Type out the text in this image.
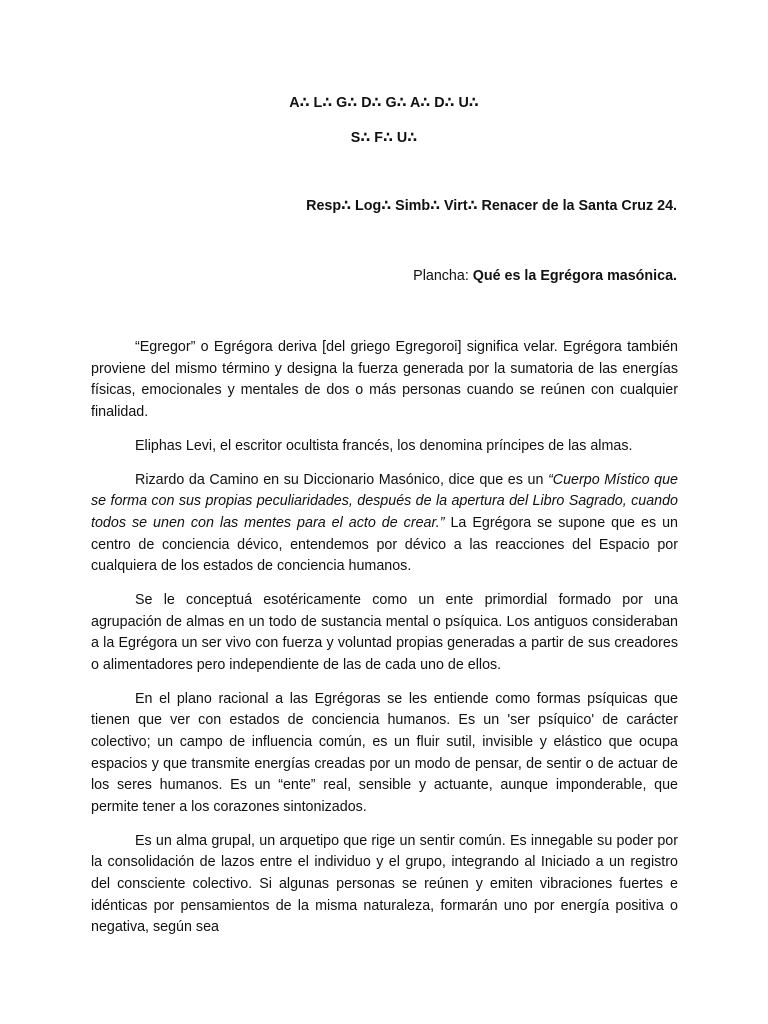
A∴ L∴ G∴ D∴ G∴ A∴ D∴ U∴
S∴ F∴ U∴
Resp∴ Log∴ Simb∴ Virt∴ Renacer de la Santa Cruz 24.
Plancha: Qué es la Egrégora masónica.

“Egregor” o Egrégora deriva [del griego Egregoroi] significa velar. Egrégora también proviene del mismo término y designa la fuerza generada por la sumatoria de las energías físicas, emocionales y mentales de dos o más personas cuando se reúnen con cualquier finalidad.

Eliphas Levi, el escritor ocultista francés, los denomina príncipes de las almas.

Rizardo da Camino en su Diccionario Masónico, dice que es un “Cuerpo Místico que se forma con sus propias peculiaridades, después de la apertura del Libro Sagrado, cuando todos se unen con las mentes para el acto de crear.” La Egrégora se supone que es un centro de conciencia dévico, entendemos por dévico a las reacciones del Espacio por cualquiera de los estados de conciencia humanos.

Se le conceptuá esotéricamente como un ente primordial formado por una agrupación de almas en un todo de sustancia mental o psíquica. Los antiguos consideraban a la Egrégora un ser vivo con fuerza y voluntad propias generadas a partir de sus creadores o alimentadores pero independiente de las de cada uno de ellos.

En el plano racional a las Egrégoras se les entiende como formas psíquicas que tienen que ver con estados de conciencia humanos. Es un 'ser psíquico' de carácter colectivo; un campo de influencia común, es un fluir sutil, invisible y elástico que ocupa espacios y que transmite energías creadas por un modo de pensar, de sentir o de actuar de los seres humanos. Es un “ente” real, sensible y actuante, aunque imponderable, que permite tener a los corazones sintonizados.

Es un alma grupal, un arquetipo que rige un sentir común. Es innegable su poder por la consolidación de lazos entre el individuo y el grupo, integrando al Iniciado a un registro del consciente colectivo. Si algunas personas se reúnen y emiten vibraciones fuertes e idénticas por pensamientos de la misma naturaleza, formarán uno por energía positiva o negativa, según sea
